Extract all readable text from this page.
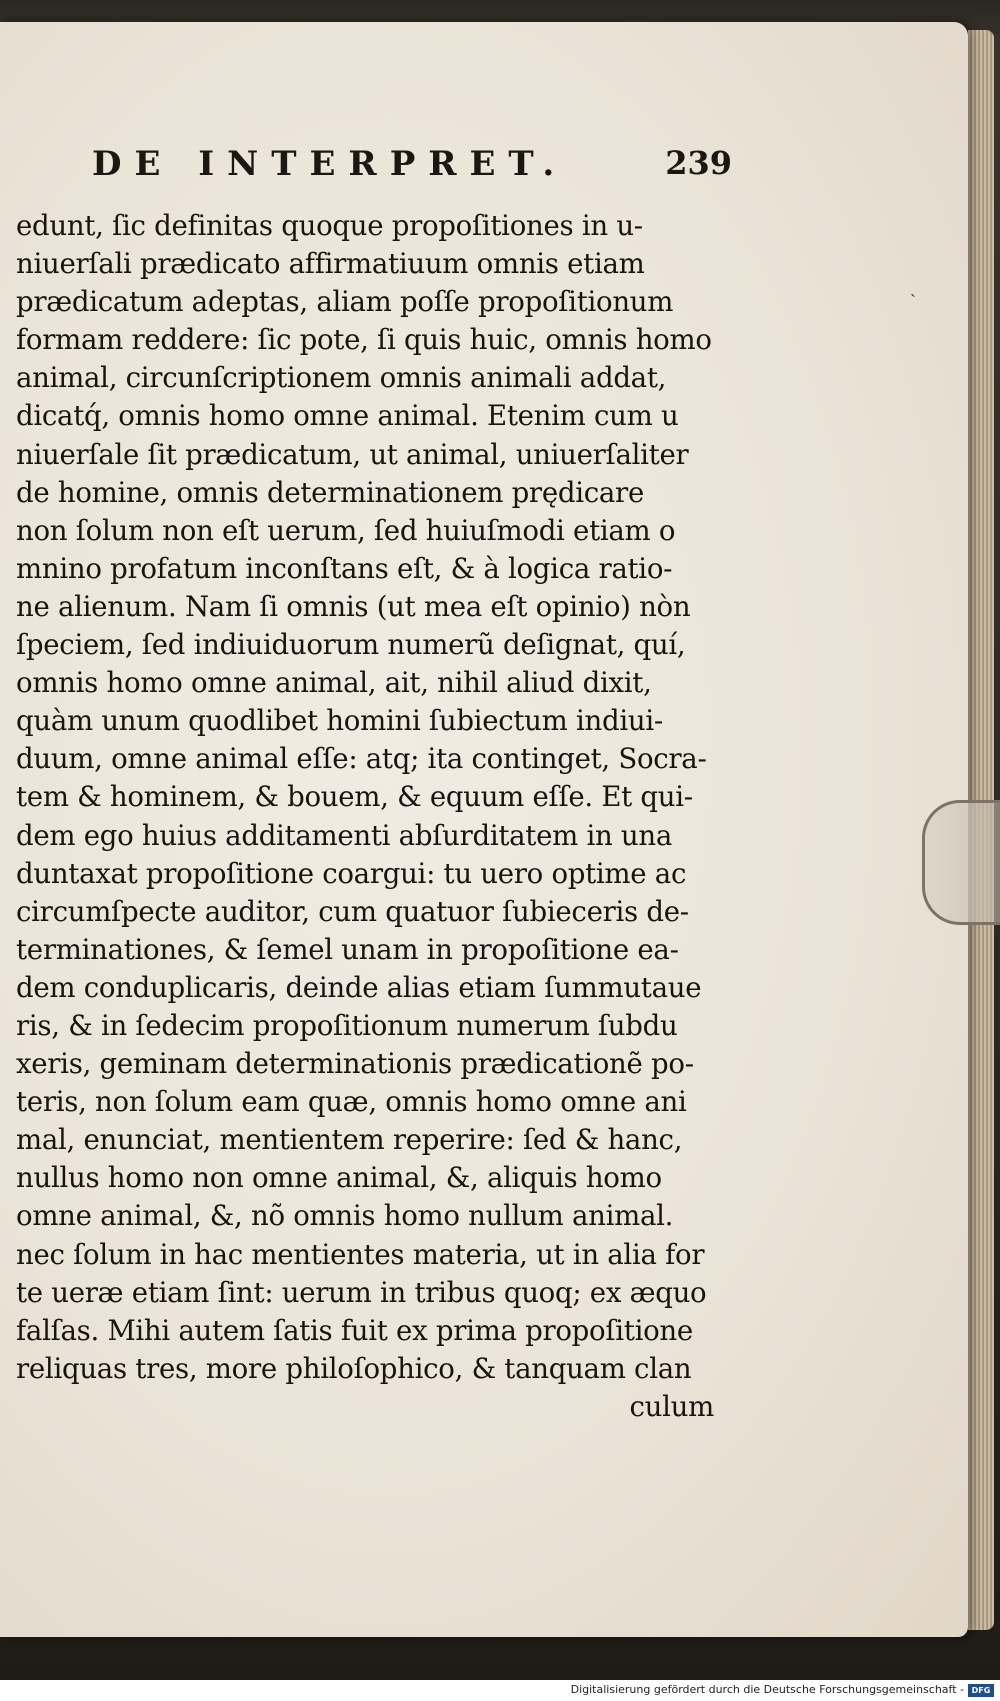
DE INTERPRET.	239
edunt, ſic definitas quoque propoſitiones in u-
niuerſali prædicato affirmatiuum omnis etiam
prædicatum adeptas, aliam poſſe propoſitionum
formam reddere: ſic pote, ſi quis huic, omnis homo
animal, circunſcriptionem omnis animali addat,
dicatq́, omnis homo omne animal. Etenim cum u
niuerſale ſit prædicatum, ut animal, uniuerſaliter
de homine, omnis determinationem prędicare
non ſolum non eſt uerum, ſed huiuſmodi etiam o
mnino profatum inconſtans eſt, & à logica ratio-
ne alienum. Nam ſi omnis (ut mea eſt opinio) nòn
ſpeciem, ſed indiuiduorum numerũ deſignat, quí,
omnis homo omne animal, ait, nihil aliud dixit,
quàm unum quodlibet homini ſubiectum indiui-
duum, omne animal eſſe: atq; ita continget, Socra-
tem & hominem, & bouem, & equum eſſe. Et qui-
dem ego huius additamenti abſurditatem in una
duntaxat propoſitione coargui: tu uero optime ac
circumſpecte auditor, cum quatuor ſubieceris de-
terminationes, & ſemel unam in propoſitione ea-
dem conduplicaris, deinde alias etiam ſummutaue
ris, & in ſedecim propoſitionum numerum ſubdu
xeris, geminam determinationis prædicationẽ po-
teris, non ſolum eam quæ, omnis homo omne ani
mal, enunciat, mentientem reperire: ſed & hanc,
nullus homo non omne animal, &, aliquis homo
omne animal, &, nõ omnis homo nullum animal.
nec ſolum in hac mentientes materia, ut in alia for
te ueræ etiam ſint: uerum in tribus quoq; ex æquo
falſas. Mihi autem ſatis fuit ex prima propoſitione
reliquas tres, more philoſophico, & tanquam clan
culum
ˎ
Digitalisierung gefördert durch die Deutsche Forschungsgemeinschaft - DFG
